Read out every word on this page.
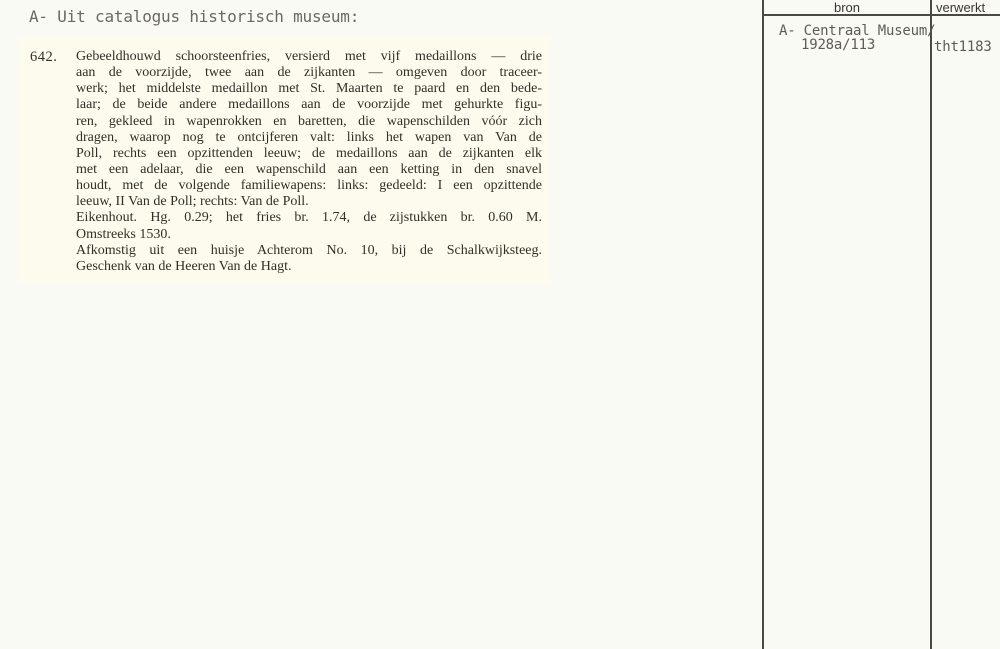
A- Uit catalogus historisch museum:
642. Gebeeldhouwd schoorsteenfries, versierd met vijf medaillons — drie
aan de voorzijde, twee aan de zijkanten — omgeven door traceer-
werk; het middelste medaillon met St. Maarten te paard en den bede-
laar; de beide andere medaillons aan de voorzijde met gehurkte figu-
ren, gekleed in wapenrokken en baretten, die wapenschilden vóór zich
dragen, waarop nog te ontcijferen valt: links het wapen van Van de
Poll, rechts een opzittenden leeuw; de medaillons aan de zijkanten elk
met een adelaar, die een wapenschild aan een ketting in den snavel
houdt, met de volgende familiewapens: links: gedeeld: I een opzittende
leeuw, II Van de Poll; rechts: Van de Poll.
Eikenhout. Hg. 0.29; het fries br. 1.74, de zijstukken br. 0.60 M.
Omstreeks 1530.
Afkomstig uit een huisje Achterom No. 10, bij de Schalkwijksteeg.
Geschenk van de Heeren Van de Hagt.
bron	verwerkt
A- Centraal Museum/
1928a/113	tht1183
